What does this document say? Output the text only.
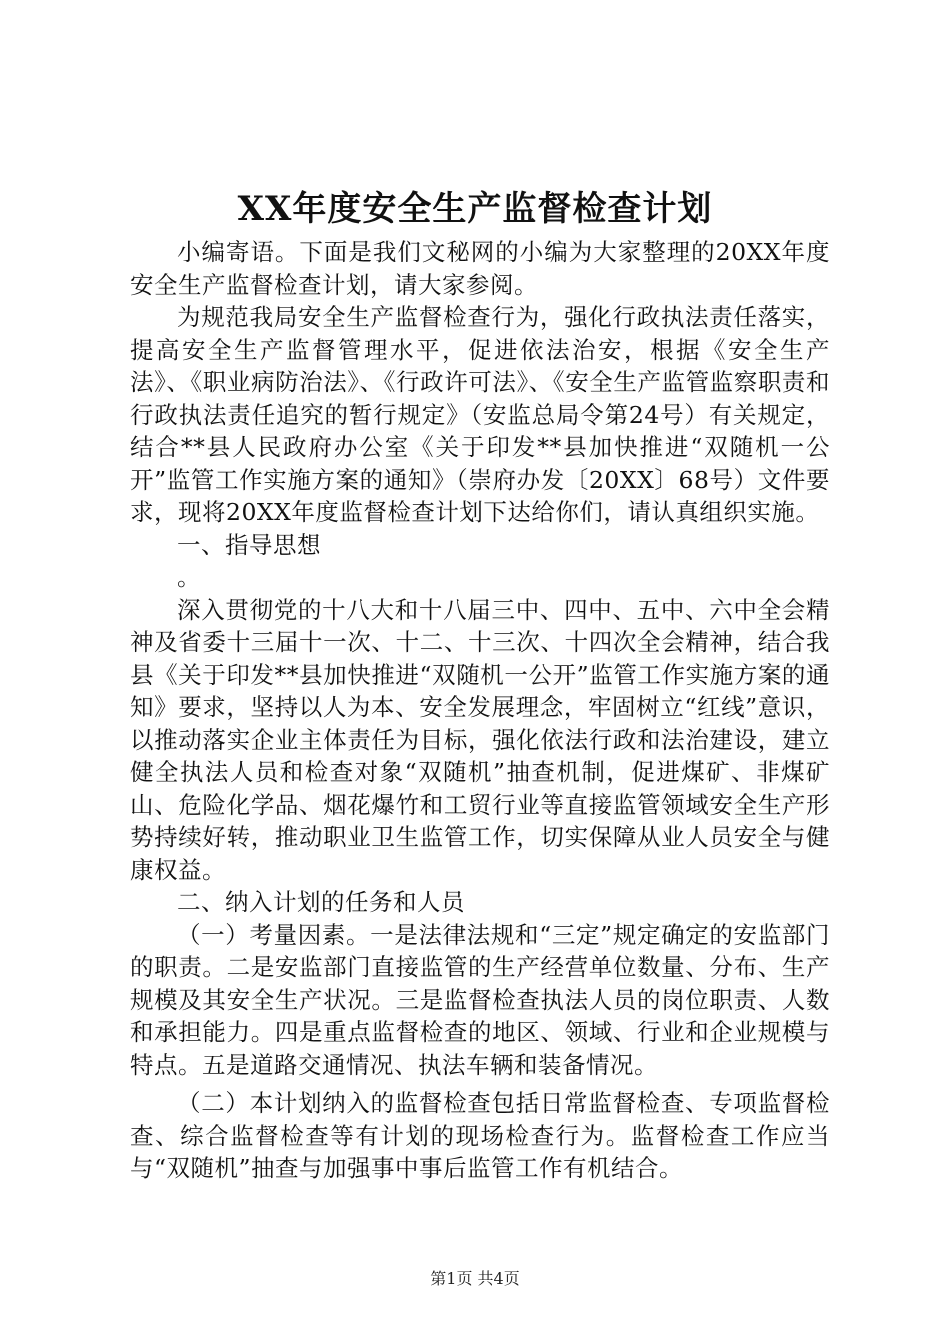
XX年度安全生产监督检查计划

小编寄语。下面是我们文秘网的小编为大家整理的20XX年度安全生产监督检查计划，请大家参阅。

为规范我局安全生产监督检查行为，强化行政执法责任落实，提高安全生产监督管理水平，促进依法治安，根据《安全生产法》、《职业病防治法》、《行政许可法》、《安全生产监管监察职责和行政执法责任追究的暂行规定》（安监总局令第24号）有关规定，结合**县人民政府办公室《关于印发**县加快推进“双随机一公开”监管工作实施方案的通知》（崇府办发〔20XX〕68号）文件要求，现将20XX年度监督检查计划下达给你们，请认真组织实施。

一、指导思想

。

深入贯彻党的十八大和十八届三中、四中、五中、六中全会精神及省委十三届十一次、十二、十三次、十四次全会精神，结合我县《关于印发**县加快推进“双随机一公开”监管工作实施方案的通知》要求，坚持以人为本、安全发展理念，牢固树立“红线”意识，以推动落实企业主体责任为目标，强化依法行政和法治建设，建立健全执法人员和检查对象“双随机”抽查机制，促进煤矿、非煤矿山、危险化学品、烟花爆竹和工贸行业等直接监管领域安全生产形势持续好转，推动职业卫生监管工作，切实保障从业人员安全与健康权益。

二、纳入计划的任务和人员

（一）考量因素。一是法律法规和“三定”规定确定的安监部门的职责。二是安监部门直接监管的生产经营单位数量、分布、生产规模及其安全生产状况。三是监督检查执法人员的岗位职责、人数和承担能力。四是重点监督检查的地区、领域、行业和企业规模与特点。五是道路交通情况、执法车辆和装备情况。

（二）本计划纳入的监督检查包括日常监督检查、专项监督检查、综合监督检查等有计划的现场检查行为。监督检查工作应当与“双随机”抽查与加强事中事后监管工作有机结合。

第1页 共4页
